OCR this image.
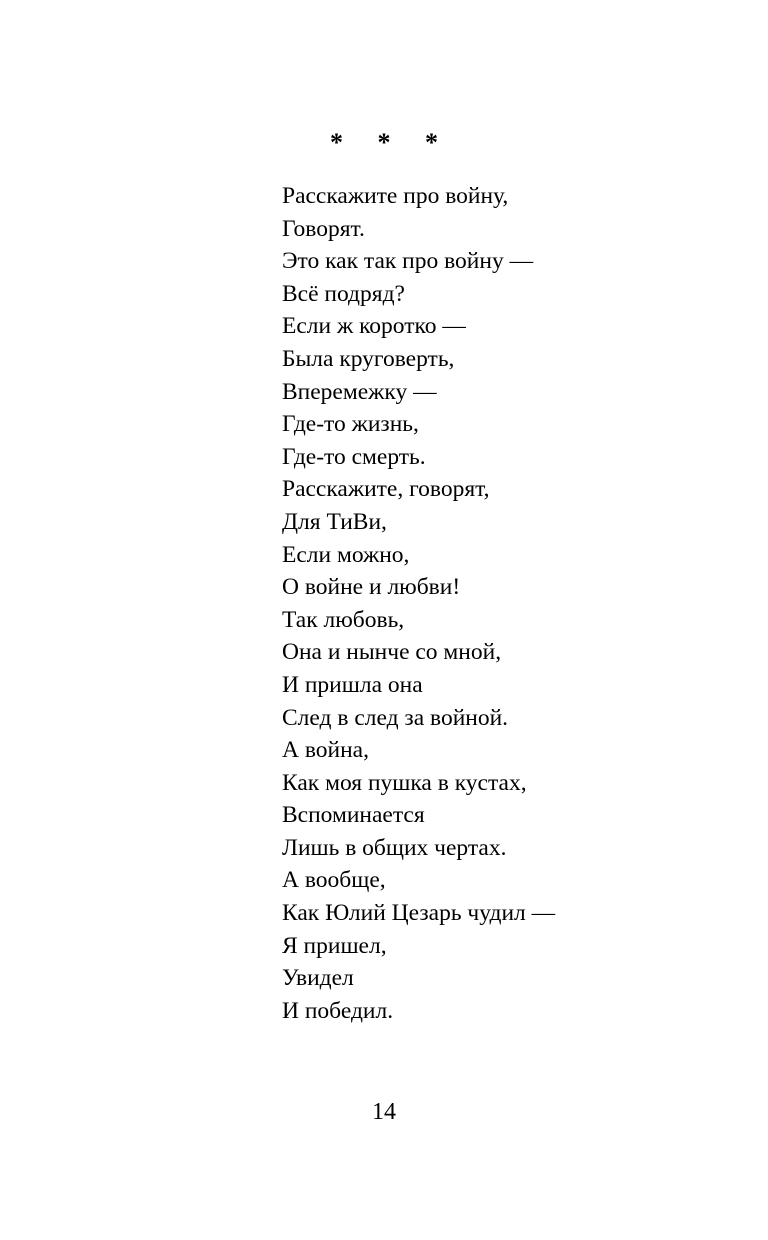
* * *
Расскажите про войну,
Говорят.
Это как так про войну —
Всё подряд?
Если ж коротко —
Была круговерть,
Вперемежку —
Где-то жизнь,
Где-то смерть.
Расскажите, говорят,
Для ТиВи,
Если можно,
О войне и любви!
Так любовь,
Она и нынче со мной,
И пришла она
След в след за войной.
А война,
Как моя пушка в кустах,
Вспоминается
Лишь в общих чертах.
А вообще,
Как Юлий Цезарь чудил —
Я пришел,
Увидел
И победил.
14
